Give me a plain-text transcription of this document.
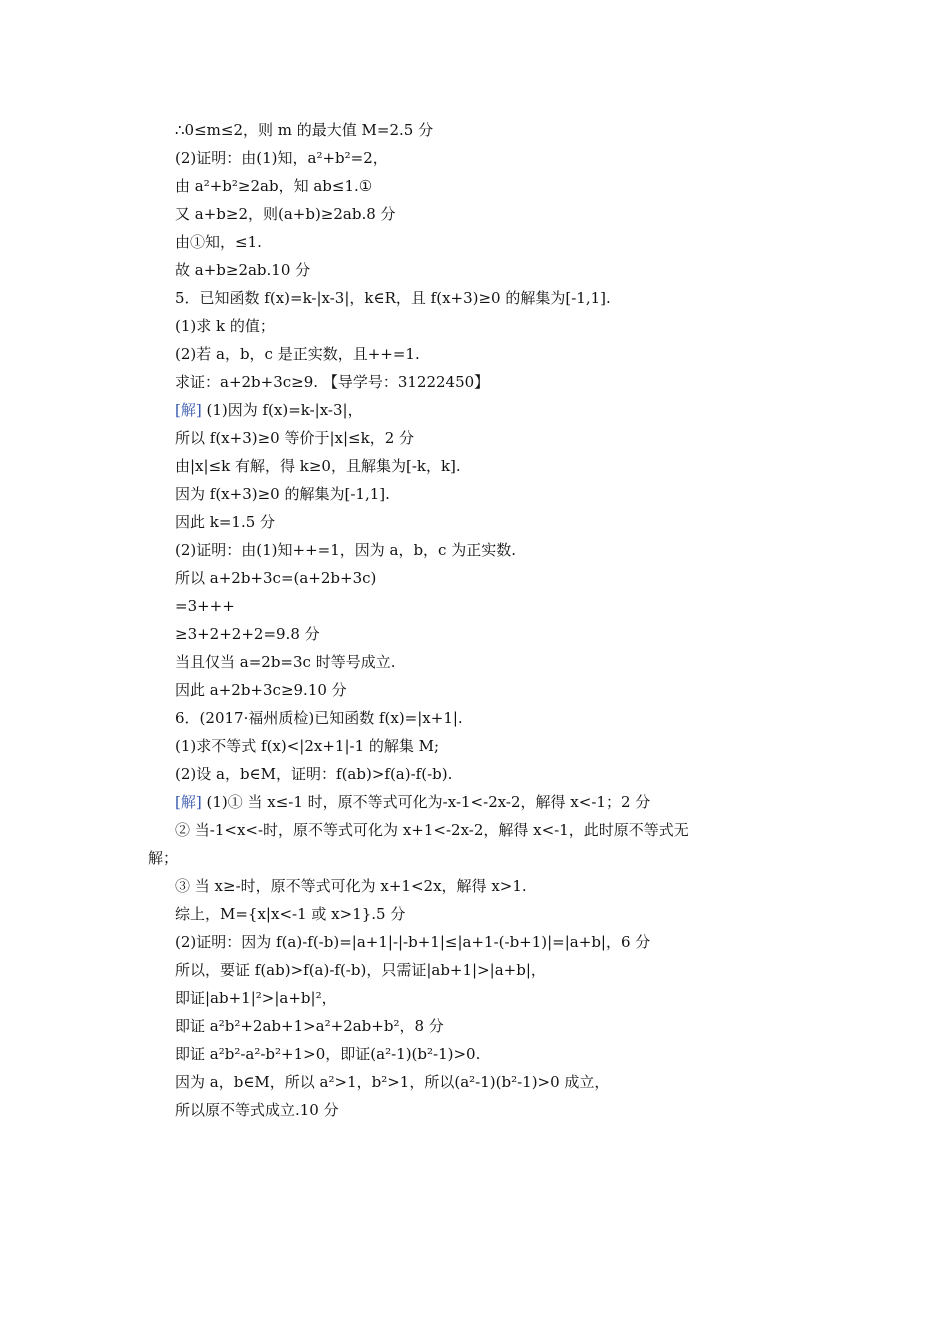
∴0≤m≤2，则 m 的最大值 M=2.5 分
(2)证明：由(1)知，a²+b²=2，
由 a²+b²≥2ab，知 ab≤1.①
又 a+b≥2，则(a+b)≥2ab.8 分
由①知，≤1.
故 a+b≥2ab.10 分
5．已知函数 f(x)=k-|x-3|，k∈R，且 f(x+3)≥0 的解集为[-1,1].
(1)求 k 的值；
(2)若 a，b，c 是正实数，且++=1.
求证：a+2b+3c≥9. 【导学号：31222450】
[解] (1)因为 f(x)=k-|x-3|，
所以 f(x+3)≥0 等价于|x|≤k，2 分
由|x|≤k 有解，得 k≥0，且解集为[-k，k].
因为 f(x+3)≥0 的解集为[-1,1].
因此 k=1.5 分
(2)证明：由(1)知++=1，因为 a，b，c 为正实数.
所以 a+2b+3c=(a+2b+3c)
=3+++
≥3+2+2+2=9.8 分
当且仅当 a=2b=3c 时等号成立.
因此 a+2b+3c≥9.10 分
6．(2017·福州质检)已知函数 f(x)=|x+1|.
(1)求不等式 f(x)<|2x+1|-1 的解集 M;
(2)设 a，b∈M，证明：f(ab)>f(a)-f(-b).
[解] (1)① 当 x≤-1 时，原不等式可化为-x-1<-2x-2，解得 x<-1；2 分
② 当-1<x<-时，原不等式可化为 x+1<-2x-2，解得 x<-1，此时原不等式无
解；
③ 当 x≥-时，原不等式可化为 x+1<2x，解得 x>1.
综上，M={x|x<-1 或 x>1}.5 分
(2)证明：因为 f(a)-f(-b)=|a+1|-|-b+1|≤|a+1-(-b+1)|=|a+b|，6 分
所以，要证 f(ab)>f(a)-f(-b)，只需证|ab+1|>|a+b|，
即证|ab+1|²>|a+b|²，
即证 a²b²+2ab+1>a²+2ab+b²，8 分
即证 a²b²-a²-b²+1>0，即证(a²-1)(b²-1)>0.
因为 a，b∈M，所以 a²>1，b²>1，所以(a²-1)(b²-1)>0 成立，
所以原不等式成立.10 分
